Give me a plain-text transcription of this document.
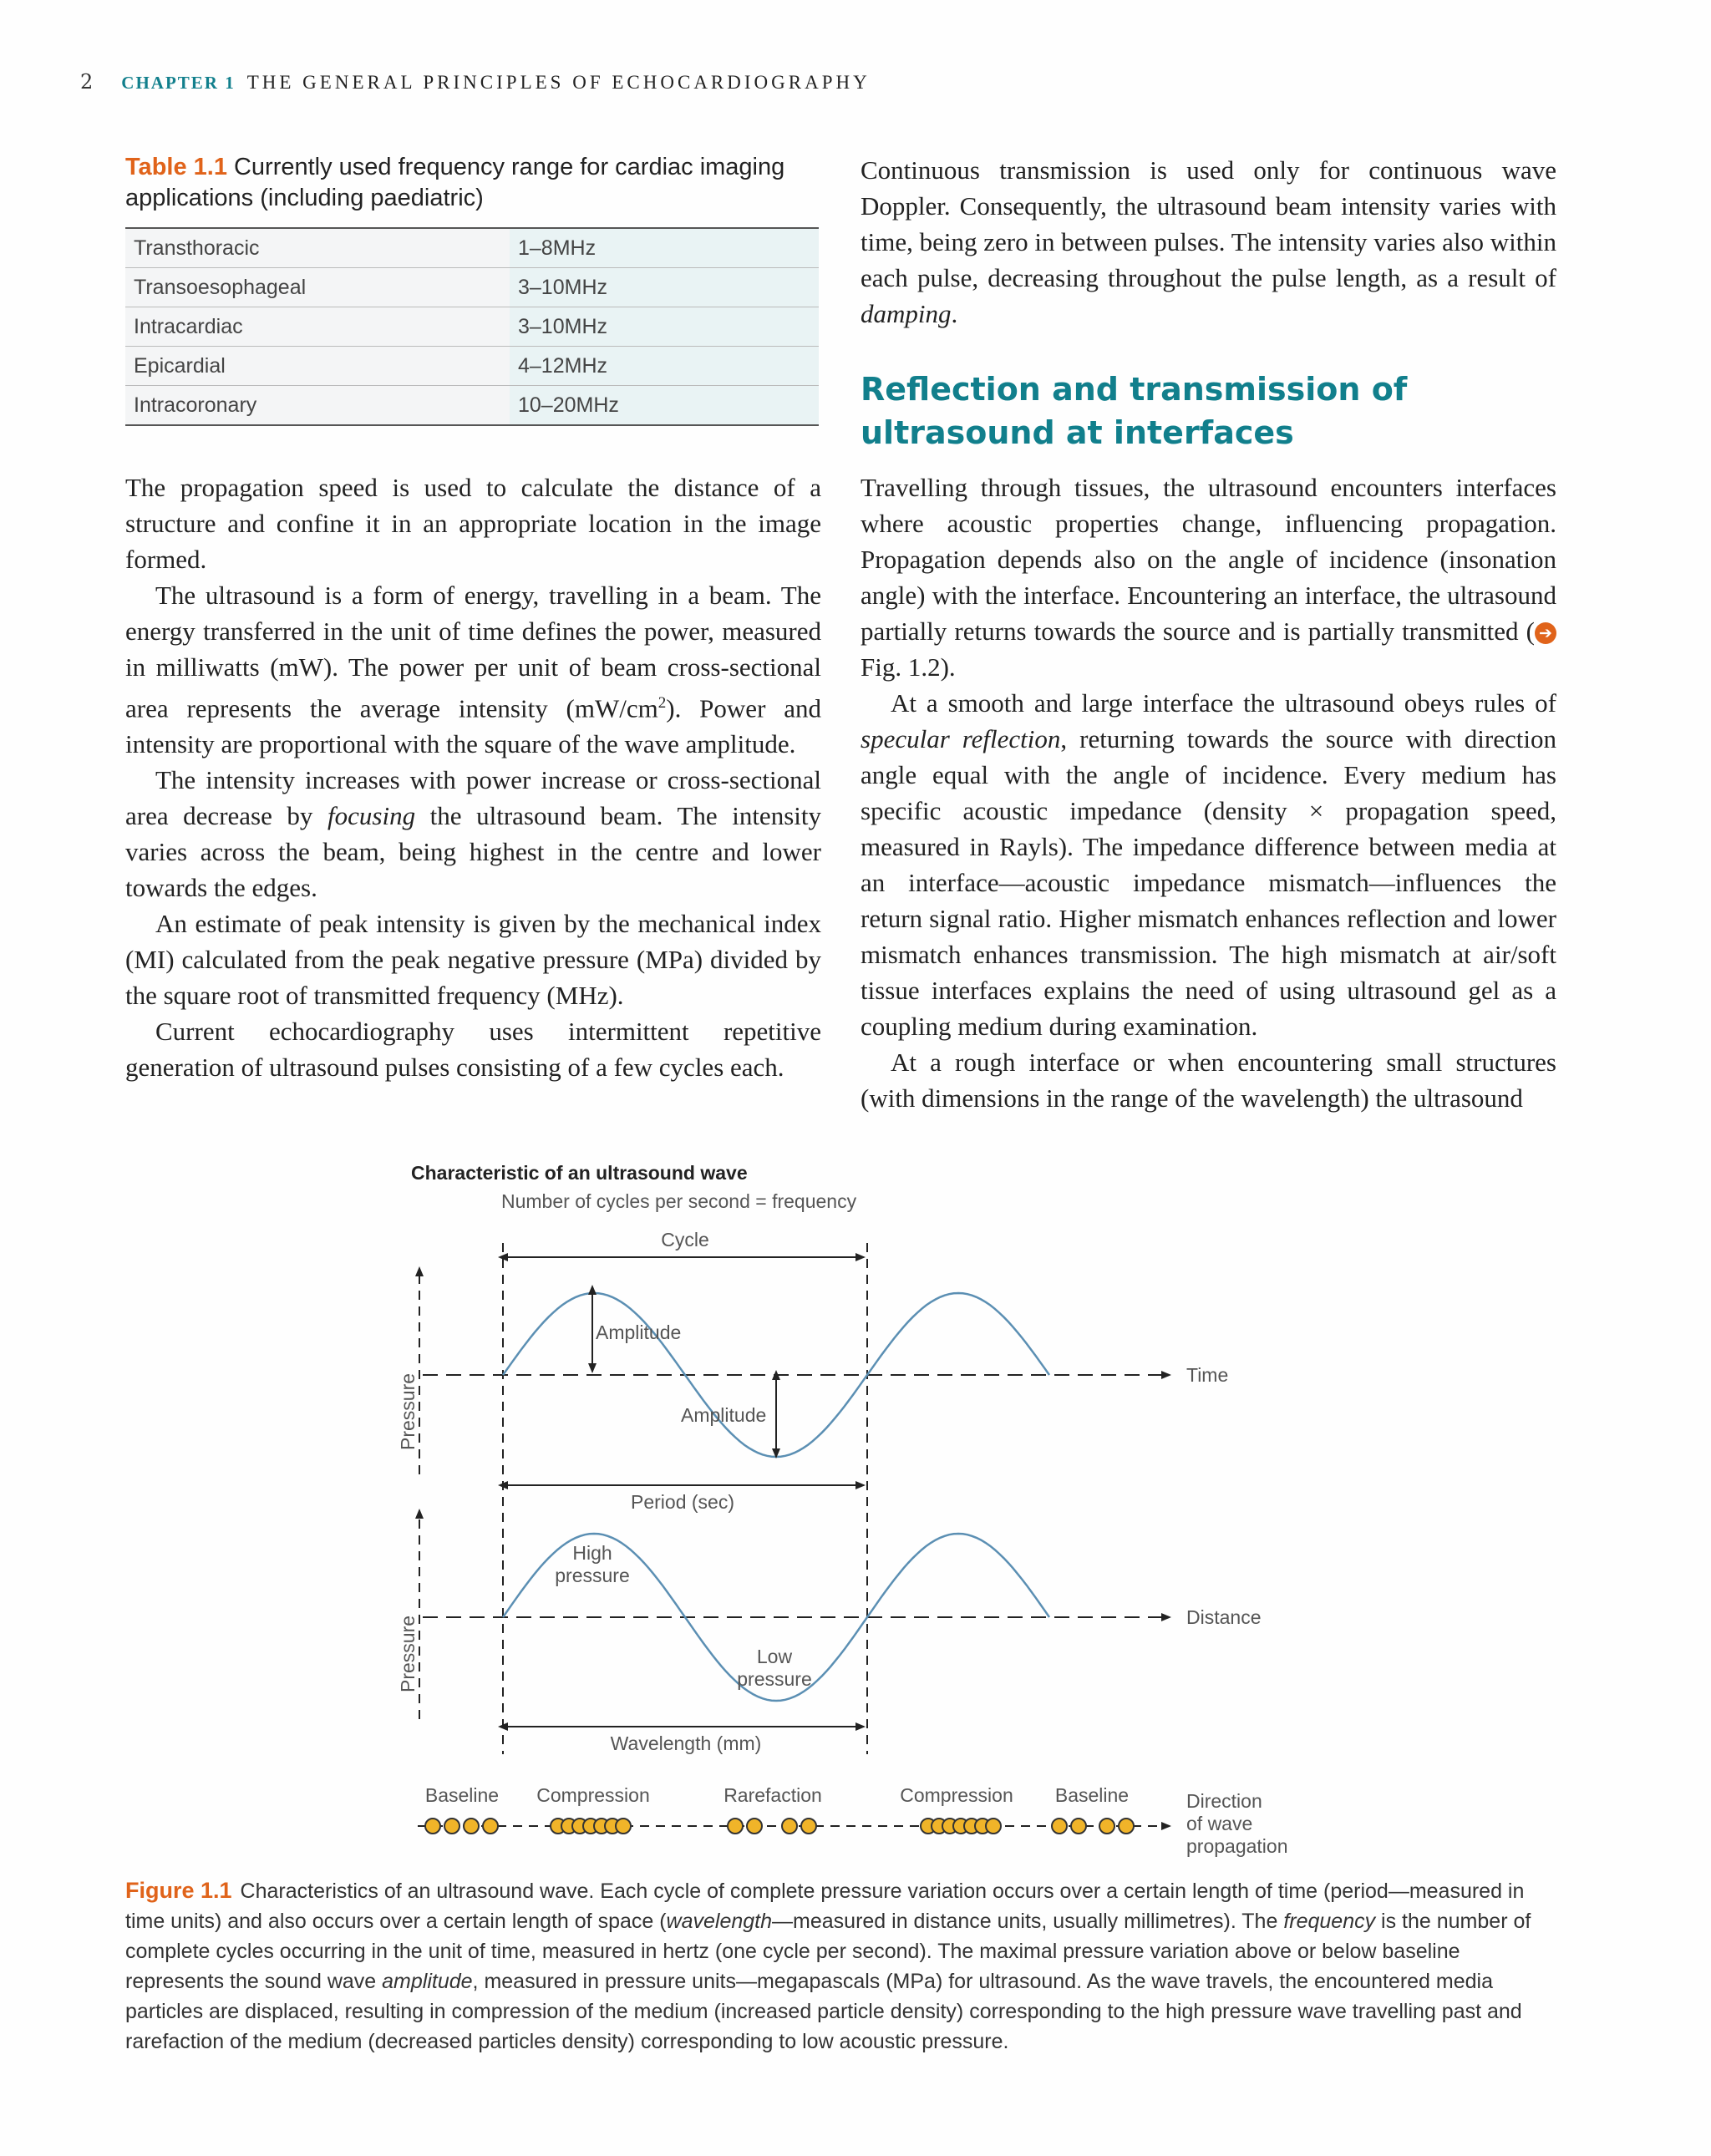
2 CHAPTER 1 THE GENERAL PRINCIPLES OF ECHOCARDIOGRAPHY
Table 1.1 Currently used frequency range for cardiac imaging applications (including paediatric)
Transthoracic	1–8MHz
Transoesophageal	3–10MHz
Intracardiac	3–10MHz
Epicardial	4–12MHz
Intracoronary	10–20MHz

The propagation speed is used to calculate the distance of a structure and confine it in an appropriate location in the image formed.

The ultrasound is a form of energy, travelling in a beam. The energy transferred in the unit of time defines the power, measured in milliwatts (mW). The power per unit of beam cross-sectional area represents the average intensity $(mW/cm^2)$. Power and intensity are proportional with the square of the wave amplitude.

The intensity increases with power increase or cross-sectional area decrease by focusing the ultrasound beam. The intensity varies across the beam, being highest in the centre and lower towards the edges.

An estimate of peak intensity is given by the mechanical index (MI) calculated from the peak negative pressure (MPa) divided by the square root of transmitted frequency (MHz).

Current echocardiography uses intermittent repetitive generation of ultrasound pulses consisting of a few cycles each.

Continuous transmission is used only for continuous wave Doppler. Consequently, the ultrasound beam intensity varies with time, being zero in between pulses. The intensity varies also within each pulse, decreasing throughout the pulse length, as a result of damping.

Reflection and transmission of ultrasound at interfaces

Travelling through tissues, the ultrasound encounters interfaces where acoustic properties change, influencing propagation. Propagation depends also on the angle of incidence (insonation angle) with the interface. Encountering an interface, the ultrasound partially returns towards the source and is partially transmitted ( ➔ Fig. 1.2).

At a smooth and large interface the ultrasound obeys rules of specular reflection, returning towards the source with direction angle equal with the angle of incidence. Every medium has specific acoustic impedance (density × propagation speed, measured in Rayls). The impedance difference between media at an interface—acoustic impedance mismatch—influences the return signal ratio. Higher mismatch enhances reflection and lower mismatch enhances transmission. The high mismatch at air/soft tissue interfaces explains the need of using ultrasound gel as a coupling medium during examination.

At a rough interface or when encountering small structures (with dimensions in the range of the wavelength) the ultrasound

Characteristic of an ultrasound wave
Number of cycles per second = frequency
Cycle
Pressure	Time
Amplitude
Amplitude
Period (sec)
Pressure	Distance
High
pressure
Low
pressure
Wavelength (mm)
Baseline Compression	Rarefaction	Compression Baseline	Direction
of wave
propagation
Figure 1.1 Characteristics of an ultrasound wave. Each cycle of complete pressure variation occurs over a certain length of time (period—measured in time units) and also occurs over a certain length of space (wavelength—measured in distance units, usually millimetres). The frequency is the number of complete cycles occurring in the unit of time, measured in hertz (one cycle per second). The maximal pressure variation above or below baseline represents the sound wave amplitude, measured in pressure units—megapascals (MPa) for ultrasound. As the wave travels, the encountered media particles are displaced, resulting in compression of the medium (increased particle density) corresponding to the high pressure wave travelling past and rarefaction of the medium (decreased particles density) corresponding to low acoustic pressure.
